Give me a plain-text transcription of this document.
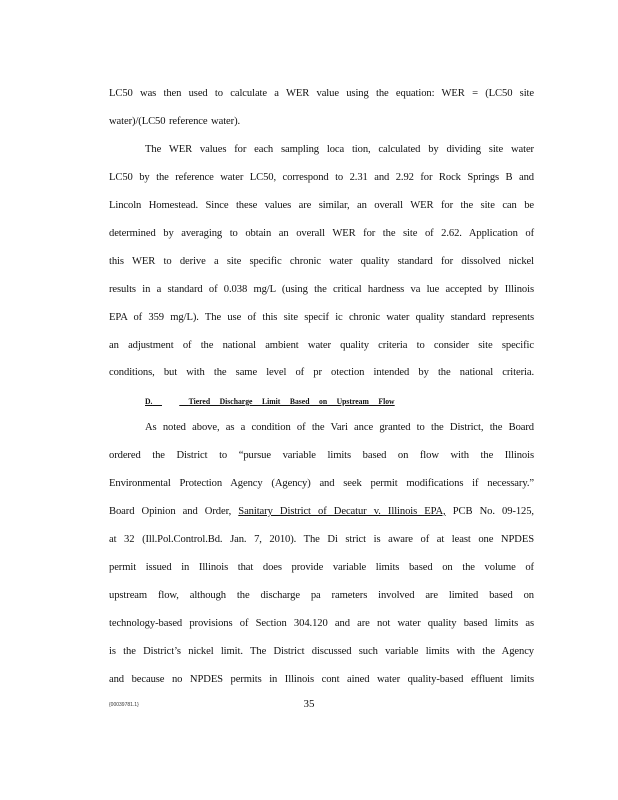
LC50 was then used to calculate a WER value using the equation: WER = (LC50 site
water)/(LC50 reference water).
The WER values for each sampling loca tion, calculated by dividing site water
LC50 by the reference water LC50, correspond to 2.31 and 2.92 for Rock Springs B and
Lincoln Homestead. Since these values are similar, an overall WER for the site can be
determined by averaging to obtain an overall WER for the site of 2.62. Application of
this WER to derive a site specific chronic water quality standard for dissolved nickel
results in a standard of 0.038 mg/L (using the critical hardness va lue accepted by Illinois
EPA of 359 mg/L). The use of this site specif ic chronic water quality standard represents
an adjustment of the national ambient water quality criteria to consider site specific
conditions, but with the same level of pr otection intended by the national criteria.
D.	Tiered Discharge Limit Based on Upstream Flow
As noted above, as a condition of the Vari ance granted to the District, the Board
ordered the District to “pursue variable limits based on flow with the Illinois
Environmental Protection Agency (Agency) and seek permit modifications if necessary.”
Board Opinion and Order, Sanitary District of Decatur v. Illinois EPA, PCB No. 09-125,
at 32 (Ill.Pol.Control.Bd. Jan. 7, 2010). The Di strict is aware of at least one NPDES
permit issued in Illinois that does provide variable limits based on the volume of
upstream flow, although the discharge pa rameters involved are limited based on
technology-based provisions of Section 304.120 and are not water quality based limits as
is the District’s nickel limit. The District discussed such variable limits with the Agency
and because no NPDES permits in Illinois cont ained water quality-based effluent limits
{00039781.1}	35
